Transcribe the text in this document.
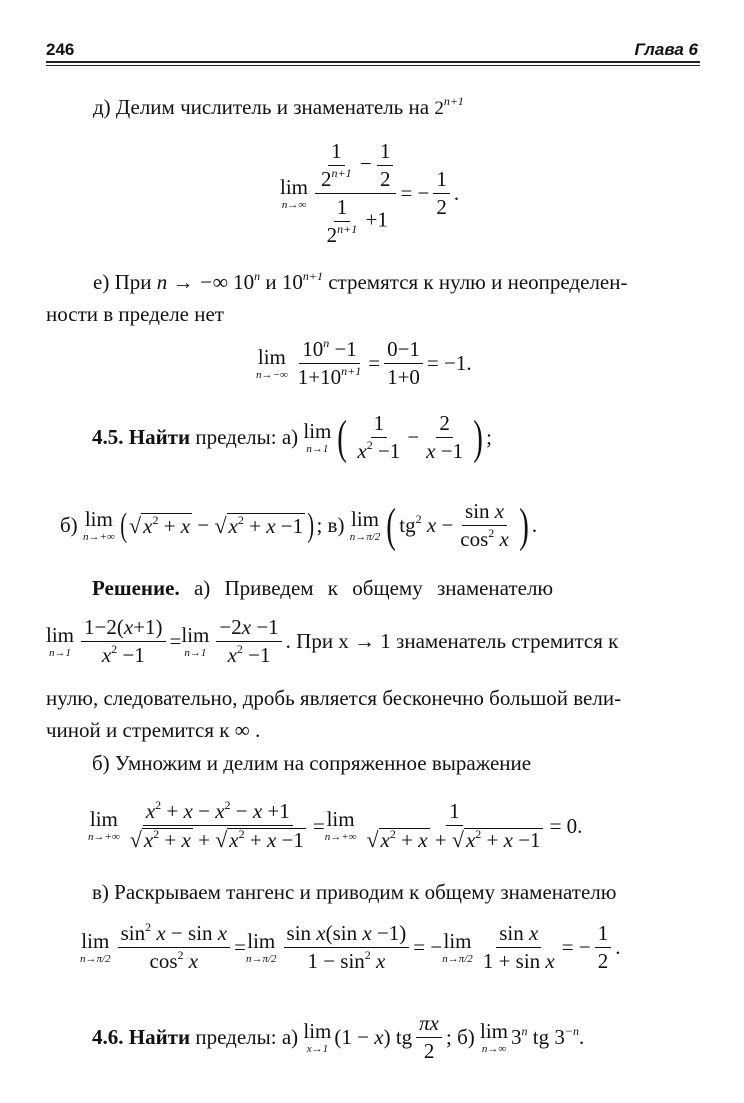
246	Глава 6
д) Делим числитель и знаменатель на $2^{n+1}$
lim
$n\to\infty \frac{\frac{1}{2^{n+1}} - \frac{1}{2}}{\frac{1}{2^{n+1}} +1}$ = − $\frac{1}{2}$ .
е) При n → −∞ 10$^n$ и $10^{n+1}$ стремятся к нулю и неопределен-
ности в пределе нет
lim
$n\to-\infty \frac{10^n -1}{1+10^{n+1}} = \frac{0-1}{1+0} = -1$.
4.5.
Найти
пределы: а)
lim
n→1 ( $\frac{1}{x^2 -1} - \frac{2}{x -1}$ ) ;
б)
lim
n→+∞ ( √ $x^2 + x$ − √ $x^2 + x -1$ ) ; в)
lim
n→π/2 ( $tg^2$ $x - \frac{\text{sin x}}{\cos^2 x}$ ) .
Решение. а) Приведем к общему знаменателю
lim
$n\to 1 \frac{1-2(x+1)}{x^2 -1} = \lim$
$n\to 1 \frac{-2x -1}{x^2 -1}$ . При x → 1 знаменатель стремится к
нулю, следовательно, дробь является бесконечно большой вели-
чиной и стремится к ∞ .
б) Умножим и делим на сопряженное выражение
lim
$n\to+\infty \frac{x^2 + x - x^2 - x +1}{√ x^2 + x + √ x^2 + x -1} = \lim$
$n\to+\infty \frac{1}{√ x^2 + x + √ x^2 + x -1} = 0$.
в) Раскрываем тангенс и приводим к общему знаменателю
lim
$n\to\pi/2 \frac{\sin^2 x - \sin x}{\cos^2 x} = \lim$
$n\to\pi/2 \frac{\text{sin x(sin x −1)}}{1 - \sin^2 x}$ = − lim
$n\to\pi/2 \frac{\text{sin x}}{\text{1 + sin x}}$ = − $\frac{1}{2}$ .
4.6.
Найти
пределы: а)
lim
x→1 (1 − x) tg $\frac{\pi x}{2}$ ; б)
lim
n→∞ 3$^n$ tg $3^{-n}$.
